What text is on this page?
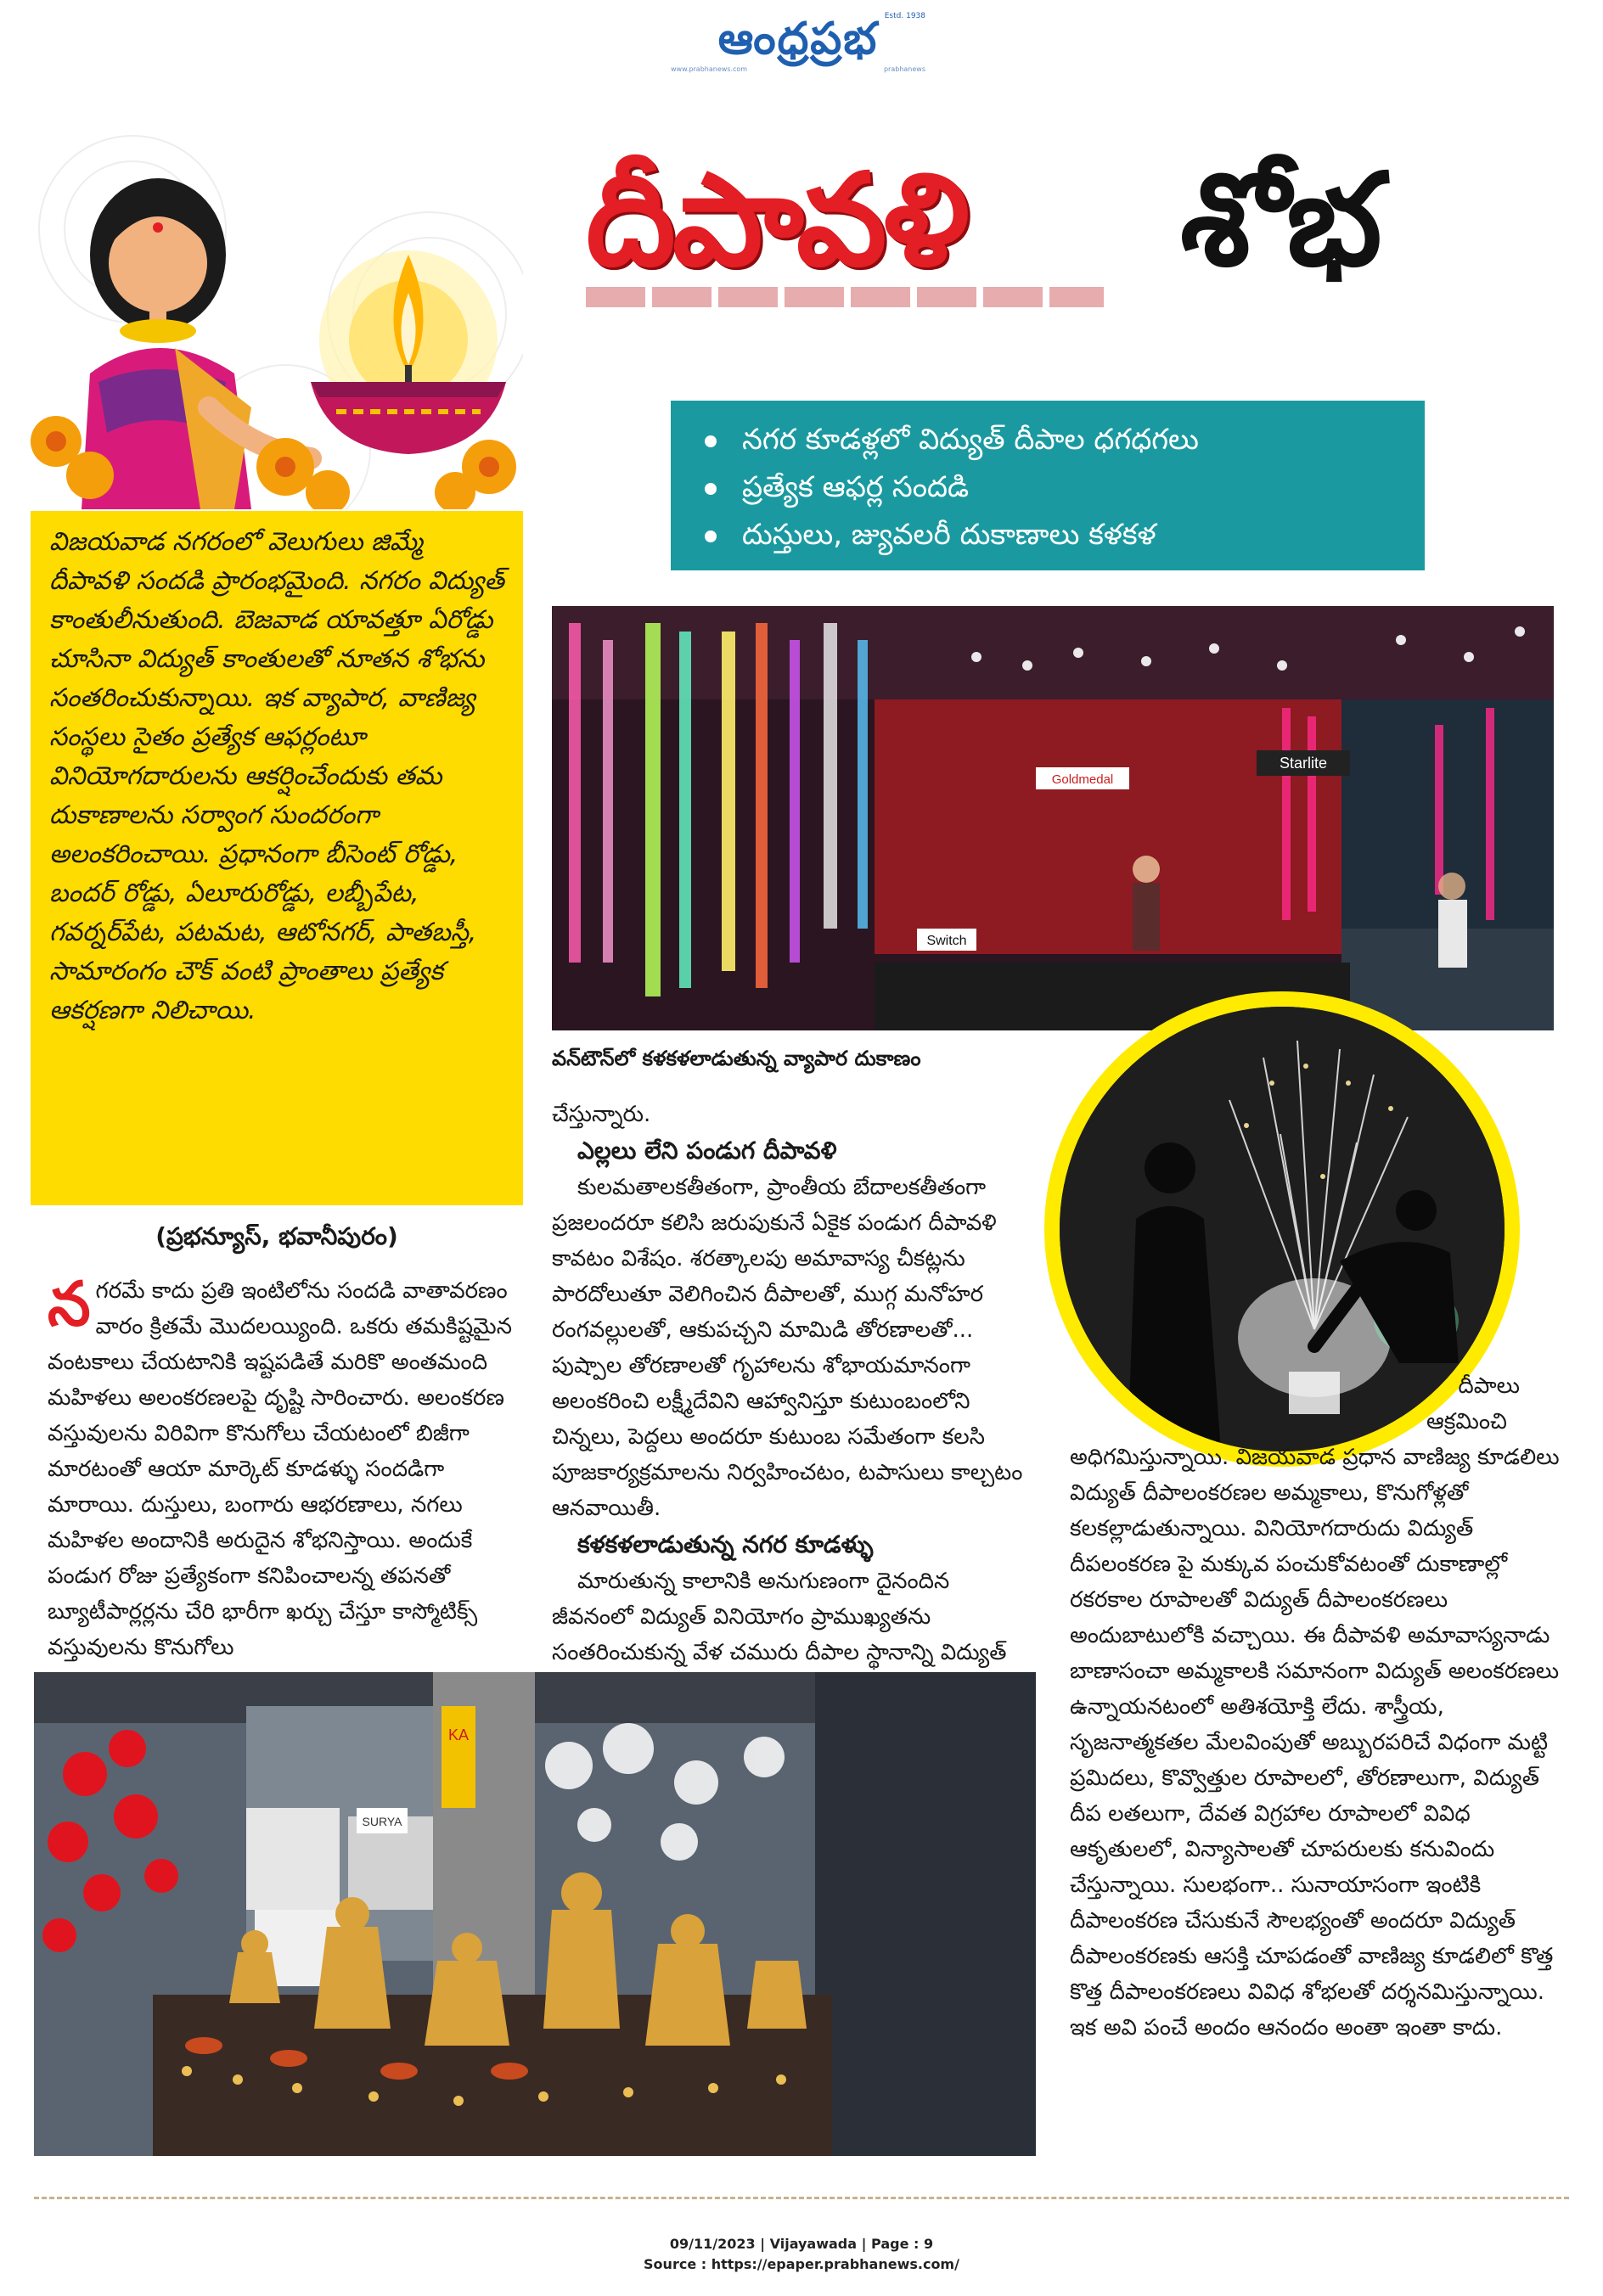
ఆంధ్రప్రభ Estd. 1938
www.prabhanews.com	prabhanews
దీపావళి శోభ
నగర కూడళ్లలో విద్యుత్ దీపాల ధగధగలు
ప్రత్యేక ఆఫర్ల సందడి
దుస్తులు, జ్యువలరీ దుకాణాలు కళకళ

విజయవాడ నగరంలో వెలుగులు జిమ్మే దీపావళి సందడి ప్రారంభమైంది. నగరం విద్యుత్ కాంతులీనుతుంది. బెజవాడ యావత్తూ ఏరోడ్డు చూసినా విద్యుత్ కాంతులతో నూతన శోభను సంతరించుకున్నాయి. ఇక వ్యాపార, వాణిజ్య సంస్థలు సైతం ప్రత్యేక ఆఫర్లంటూ వినియోగదారులను ఆకర్షించేందుకు తమ దుకాణాలను సర్వాంగ సుందరంగా అలంకరించాయి. ప్రధానంగా బీసెంట్ రోడ్డు, బందర్ రోడ్డు, ఏలూరురోడ్డు, లబ్బీపేట, గవర్నర్‌పేట, పటమట, ఆటోనగర్, పాతబస్తీ, సామారంగం చౌక్ వంటి ప్రాంతాలు ప్రత్యేక ఆకర్షణగా నిలిచాయి.

(ప్రభన్యూస్, భవానీపురం)
Switch
Goldmedal
Starlite
వన్‌టౌన్‌లో కళకళలాడుతున్న వ్యాపార దుకాణం
న గరమే కాదు ప్రతి ఇంటిలోను సందడి వాతావరణం వారం క్రితమే మొదలయ్యింది. ఒకరు తమకిష్టమైన వంటకాలు చేయటానికి ఇష్టపడితే మరికొ అంతమంది మహిళలు అలంకరణలపై దృష్టి సారించారు. అలంకరణ వస్తువులను విరివిగా కొనుగోలు చేయటంలో బిజీగా మారటంతో ఆయా మార్కెట్ కూడళ్ళు సందడిగా మారాయి. దుస్తులు, బంగారు ఆభరణాలు, నగలు మహిళల అందానికి అరుదైన శోభనిస్తాయి. అందుకే పండుగ రోజు ప్రత్యేకంగా కనిపించాలన్న తపనతో బ్యూటీపార్లర్లను చేరి భారీగా ఖర్చు చేస్తూ కాస్మోటిక్స్ వస్తువులను కొనుగోలు

చేస్తున్నారు.

ఎల్లలు లేని పండుగ దీపావళి

కులమతాలకతీతంగా, ప్రాంతీయ బేదాలకతీతంగా ప్రజలందరూ కలిసి జరుపుకునే ఏకైక పండుగ దీపావళి కావటం విశేషం. శరత్కాలపు అమావాస్య చీకట్లను పారదోలుతూ వెలిగించిన దీపాలతో, ముగ్గ మనోహర రంగవల్లులతో, ఆకుపచ్చని మామిడి తోరణాలతో... పుష్పాల తోరణాలతో గృహాలను శోభాయమానంగా అలంకరించి లక్ష్మీదేవిని ఆహ్వానిస్తూ కుటుంబంలోని చిన్నలు, పెద్దలు అందరూ కుటుంబ సమేతంగా కలసి పూజకార్యక్రమాలను నిర్వహించటం, టపాసులు కాల్చటం ఆనవాయితీ.

కళకళలాడుతున్న నగర కూడళ్ళు

మారుతున్న కాలానికి అనుగుణంగా దైనందిన జీవనంలో విద్యుత్ వినియోగం ప్రాముఖ్యతను సంతరించుకున్న వేళ చమురు దీపాల స్థానాన్ని విద్యుత్

దీపాలు

ఆక్రమించి

అధిగమిస్తున్నాయి. విజయవాడ ప్రధాన వాణిజ్య కూడలిలు విద్యుత్ దీపాలంకరణల అమ్మకాలు, కొనుగోళ్లతో కలకల్లాడుతున్నాయి. వినియోగదారుదు విద్యుత్ దీపలంకరణ పై మక్కువ పంచుకోవటంతో దుకాణాల్లో రకరకాల రూపాలతో విద్యుత్ దీపాలంకరణలు అందుబాటులోకి వచ్చాయి. ఈ దీపావళి అమావాస్యనాడు బాణాసంచా అమ్మకాలకి సమానంగా విద్యుత్ అలంకరణలు ఉన్నాయనటంలో అతిశయోక్తి లేదు. శాస్త్రీయ, సృజనాత్మకతల మేలవింపుతో అబ్బురపరిచే విధంగా మట్టి ప్రమిదలు, కొవ్వొత్తుల రూపాలలో, తోరణాలుగా, విద్యుత్ దీప లతలుగా, దేవత విగ్రహాల రూపాలలో వివిధ ఆకృతులలో, విన్యాసాలతో చూపరులకు కనువిందు చేస్తున్నాయి. సులభంగా.. సునాయాసంగా ఇంటికి దీపాలంకరణ చేసుకునే సౌలభ్యంతో అందరూ విద్యుత్ దీపాలంకరణకు ఆసక్తి చూపడంతో వాణిజ్య కూడలిలో కొత్త కొత్త దీపాలంకరణలు వివిధ శోభలతో దర్శనమిస్తున్నాయి. ఇక అవి పంచే అందం ఆనందం అంతా ఇంతా కాదు.

SURYA
KA
09/11/2023 | Vijayawada | Page : 9
Source : https://epaper.prabhanews.com/
